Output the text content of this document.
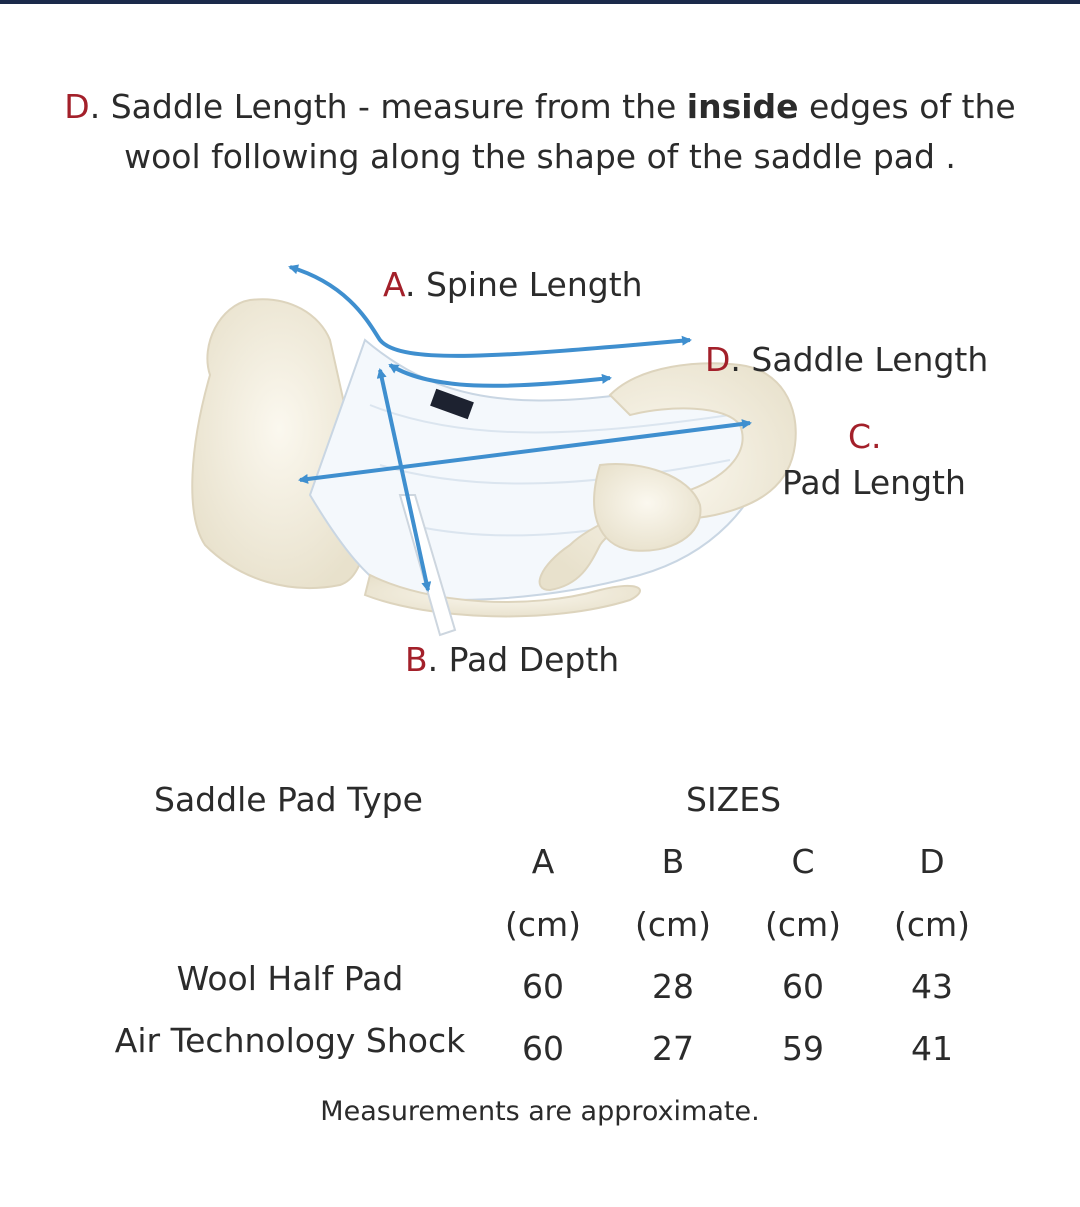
D. Saddle Length - measure from the inside edges of the
wool following along the shape of the saddle pad .
A. Spine Length
D. Saddle Length
C.
Pad Length
B. Pad Depth
Saddle Pad Type	SIZES
A	B	C	D
(cm)	(cm)	(cm)	(cm)
Wool Half Pad	60	28	60	43
Air Technology Shock	60	27	59	41
Measurements are approximate.
